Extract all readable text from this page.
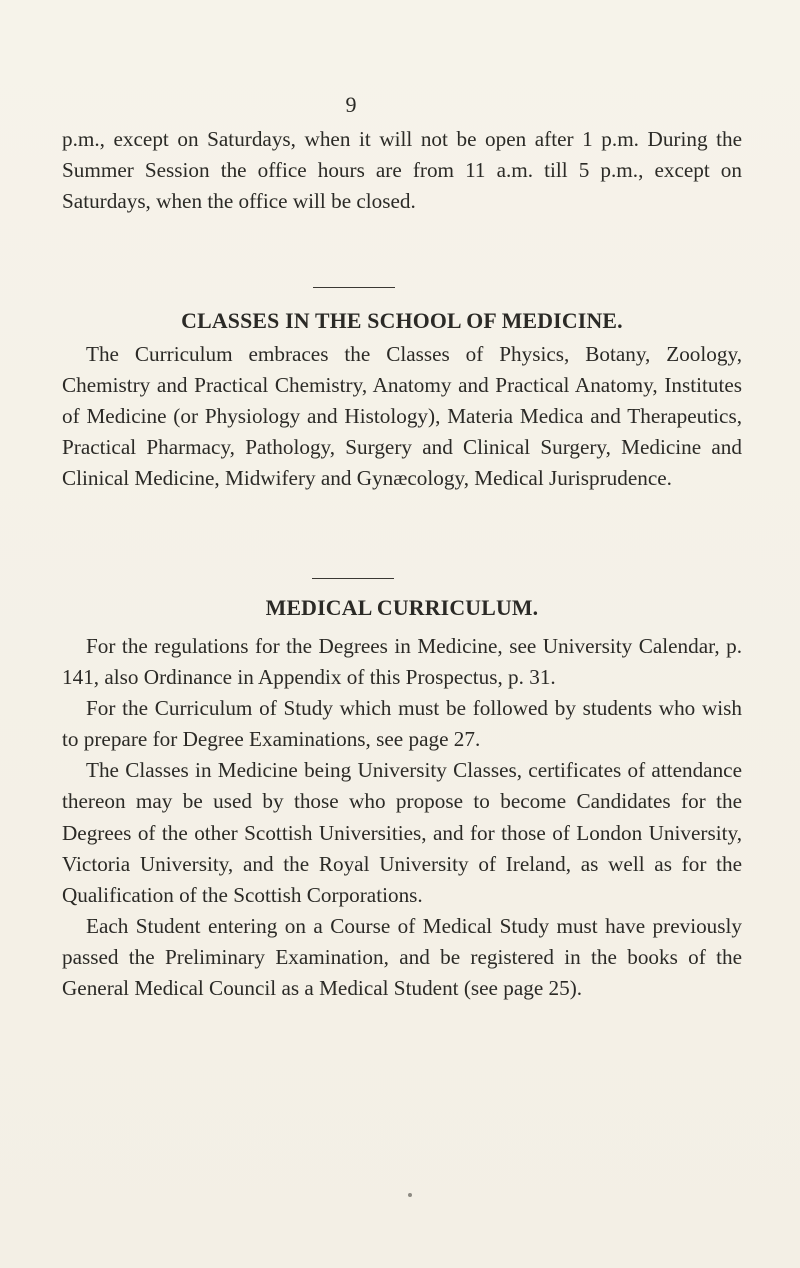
9

p.m., except on Saturdays, when it will not be open after 1 p.m. During the Summer Session the office hours are from 11 a.m. till 5 p.m., except on Saturdays, when the office will be closed.

CLASSES IN THE SCHOOL OF MEDICINE.

The Curriculum embraces the Classes of Physics, Botany, Zoology, Chemistry and Practical Chemistry, Anatomy and Practical Anatomy, Institutes of Medicine (or Physiology and Histology), Materia Medica and Therapeutics, Practical Pharmacy, Pathology, Surgery and Clinical Surgery, Medicine and Clinical Medicine, Midwifery and Gynæcology, Medical Jurisprudence.

MEDICAL CURRICULUM.

For the regulations for the Degrees in Medicine, see University Calendar, p. 141, also Ordinance in Appendix of this Prospectus, p. 31.

For the Curriculum of Study which must be followed by students who wish to prepare for Degree Examinations, see page 27.

The Classes in Medicine being University Classes, certificates of attendance thereon may be used by those who propose to become Candidates for the Degrees of the other Scottish Universities, and for those of London University, Victoria University, and the Royal University of Ireland, as well as for the Qualification of the Scottish Corporations.

Each Student entering on a Course of Medical Study must have previously passed the Preliminary Examination, and be registered in the books of the General Medical Council as a Medical Student (see page 25).
